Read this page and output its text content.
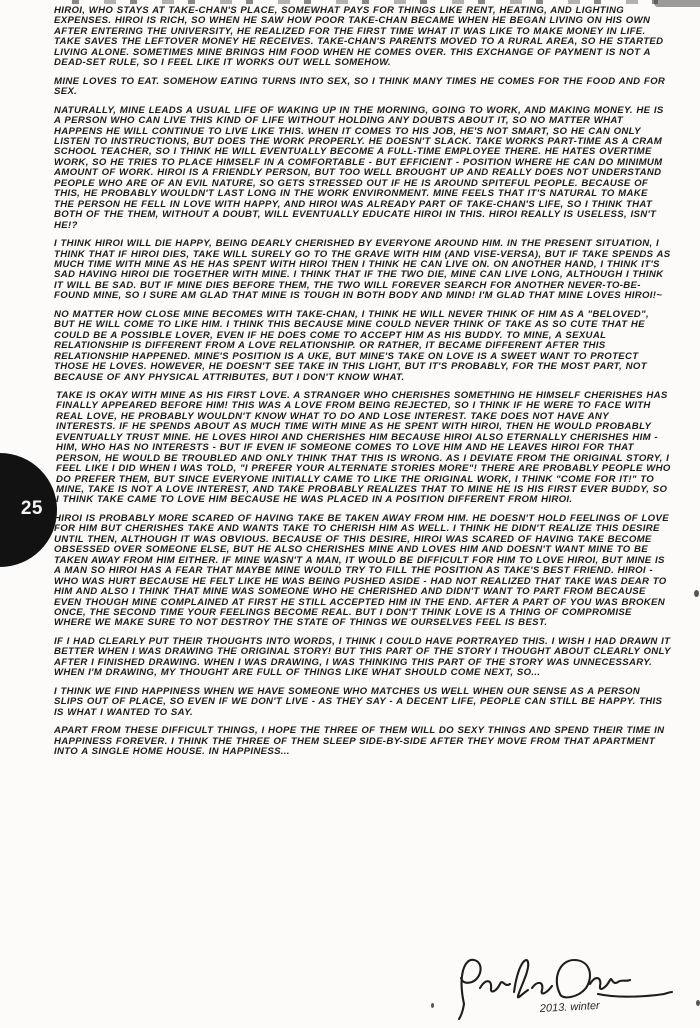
25

HIROI, WHO STAYS AT TAKE-CHAN'S PLACE, SOMEWHAT PAYS FOR THINGS LIKE RENT, HEATING, AND LIGHTING EXPENSES. HIROI IS RICH, SO WHEN HE SAW HOW POOR TAKE-CHAN BECAME WHEN HE BEGAN LIVING ON HIS OWN AFTER ENTERING THE UNIVERSITY, HE REALIZED FOR THE FIRST TIME WHAT IT WAS LIKE TO MAKE MONEY IN LIFE. TAKE SAVES THE LEFTOVER MONEY HE RECEIVES. TAKE-CHAN'S PARENTS MOVED TO A RURAL AREA, SO HE STARTED LIVING ALONE. SOMETIMES MINE BRINGS HIM FOOD WHEN HE COMES OVER. THIS EXCHANGE OF PAYMENT IS NOT A DEAD-SET RULE, SO I FEEL LIKE IT WORKS OUT WELL SOMEHOW.

MINE LOVES TO EAT. SOMEHOW EATING TURNS INTO SEX, SO I THINK MANY TIMES HE COMES FOR THE FOOD AND FOR SEX.

NATURALLY, MINE LEADS A USUAL LIFE OF WAKING UP IN THE MORNING, GOING TO WORK, AND MAKING MONEY. HE IS A PERSON WHO CAN LIVE THIS KIND OF LIFE WITHOUT HOLDING ANY DOUBTS ABOUT IT, SO NO MATTER WHAT HAPPENS HE WILL CONTINUE TO LIVE LIKE THIS. WHEN IT COMES TO HIS JOB, HE'S NOT SMART, SO HE CAN ONLY LISTEN TO INSTRUCTIONS, BUT DOES THE WORK PROPERLY. HE DOESN'T SLACK. TAKE WORKS PART-TIME AS A CRAM SCHOOL TEACHER, SO I THINK HE WILL EVENTUALLY BECOME A FULL-TIME EMPLOYEE THERE. HE HATES OVERTIME WORK, SO HE TRIES TO PLACE HIMSELF IN A COMFORTABLE - BUT EFFICIENT - POSITION WHERE HE CAN DO MINIMUM AMOUNT OF WORK. HIROI IS A FRIENDLY PERSON, BUT TOO WELL BROUGHT UP AND REALLY DOES NOT UNDERSTAND PEOPLE WHO ARE OF AN EVIL NATURE, SO GETS STRESSED OUT IF HE IS AROUND SPITEFUL PEOPLE. BECAUSE OF THIS, HE PROBABLY WOULDN'T LAST LONG IN THE WORK ENVIRONMENT. MINE FEELS THAT IT'S NATURAL TO MAKE THE PERSON HE FELL IN LOVE WITH HAPPY, AND HIROI WAS ALREADY PART OF TAKE-CHAN'S LIFE, SO I THINK THAT BOTH OF THE THEM, WITHOUT A DOUBT, WILL EVENTUALLY EDUCATE HIROI IN THIS. HIROI REALLY IS USELESS, ISN'T HE!?

I THINK HIROI WILL DIE HAPPY, BEING DEARLY CHERISHED BY EVERYONE AROUND HIM. IN THE PRESENT SITUATION, I THINK THAT IF HIROI DIES, TAKE WILL SURELY GO TO THE GRAVE WITH HIM (AND VISE-VERSA), BUT IF TAKE SPENDS AS MUCH TIME WITH MINE AS HE HAS SPENT WITH HIROI THEN I THINK HE CAN LIVE ON. ON ANOTHER HAND, I THINK IT'S SAD HAVING HIROI DIE TOGETHER WITH MINE. I THINK THAT IF THE TWO DIE, MINE CAN LIVE LONG, ALTHOUGH I THINK IT WILL BE SAD. BUT IF MINE DIES BEFORE THEM, THE TWO WILL FOREVER SEARCH FOR ANOTHER NEVER-TO-BE-FOUND MINE, SO I SURE AM GLAD THAT MINE IS TOUGH IN BOTH BODY AND MIND! I'M GLAD THAT MINE LOVES HIROI!~

NO MATTER HOW CLOSE MINE BECOMES WITH TAKE-CHAN, I THINK HE WILL NEVER THINK OF HIM AS A "BELOVED", BUT HE WILL COME TO LIKE HIM. I THINK THIS BECAUSE MINE COULD NEVER THINK OF TAKE AS SO CUTE THAT HE COULD BE A POSSIBLE LOVER, EVEN IF HE DOES COME TO ACCEPT HIM AS HIS BUDDY. TO MINE, A SEXUAL RELATIONSHIP IS DIFFERENT FROM A LOVE RELATIONSHIP. OR RATHER, IT BECAME DIFFERENT AFTER THIS RELATIONSHIP HAPPENED. MINE'S POSITION IS A UKE, BUT MINE'S TAKE ON LOVE IS A SWEET WANT TO PROTECT THOSE HE LOVES. HOWEVER, HE DOESN'T SEE TAKE IN THIS LIGHT, BUT IT'S PROBABLY, FOR THE MOST PART, NOT BECAUSE OF ANY PHYSICAL ATTRIBUTES, BUT I DON'T KNOW WHAT.

TAKE IS OKAY WITH MINE AS HIS FIRST LOVE. A STRANGER WHO CHERISHES SOMETHING HE HIMSELF CHERISHES HAS FINALLY APPEARED BEFORE HIM! THIS WAS A LOVE FROM BEING REJECTED, SO I THINK IF HE WERE TO FACE WITH REAL LOVE, HE PROBABLY WOULDN'T KNOW WHAT TO DO AND LOSE INTEREST. TAKE DOES NOT HAVE ANY INTERESTS. IF HE SPENDS ABOUT AS MUCH TIME WITH MINE AS HE SPENT WITH HIROI, THEN HE WOULD PROBABLY EVENTUALLY TRUST MINE. HE LOVES HIROI AND CHERISHES HIM BECAUSE HIROI ALSO ETERNALLY CHERISHES HIM - HIM, WHO HAS NO INTERESTS - BUT IF EVEN IF SOMEONE COMES TO LOVE HIM AND HE LEAVES HIROI FOR THAT PERSON, HE WOULD BE TROUBLED AND ONLY THINK THAT THIS IS WRONG. AS I DEVIATE FROM THE ORIGINAL STORY, I FEEL LIKE I DID WHEN I WAS TOLD, "I PREFER YOUR ALTERNATE STORIES MORE"! THERE ARE PROBABLY PEOPLE WHO DO PREFER THEM, BUT SINCE EVERYONE INITIALLY CAME TO LIKE THE ORIGINAL WORK, I THINK "COME FOR IT!" TO MINE, TAKE IS NOT A LOVE INTEREST, AND TAKE PROBABLY REALIZES THAT TO MINE HE IS HIS FIRST EVER BUDDY, SO I THINK TAKE CAME TO LOVE HIM BECAUSE HE WAS PLACED IN A POSITION DIFFERENT FROM HIROI.

HIROI IS PROBABLY MORE SCARED OF HAVING TAKE BE TAKEN AWAY FROM HIM. HE DOESN'T HOLD FEELINGS OF LOVE FOR HIM BUT CHERISHES TAKE AND WANTS TAKE TO CHERISH HIM AS WELL. I THINK HE DIDN'T REALIZE THIS DESIRE UNTIL THEN, ALTHOUGH IT WAS OBVIOUS. BECAUSE OF THIS DESIRE, HIROI WAS SCARED OF HAVING TAKE BECOME OBSESSED OVER SOMEONE ELSE, BUT HE ALSO CHERISHES MINE AND LOVES HIM AND DOESN'T WANT MINE TO BE TAKEN AWAY FROM HIM EITHER. IF MINE WASN'T A MAN, IT WOULD BE DIFFICULT FOR HIM TO LOVE HIROI, BUT MINE IS A MAN SO HIROI HAS A FEAR THAT MAYBE MINE WOULD TRY TO FILL THE POSITION AS TAKE'S BEST FRIEND. HIROI - WHO WAS HURT BECAUSE HE FELT LIKE HE WAS BEING PUSHED ASIDE - HAD NOT REALIZED THAT TAKE WAS DEAR TO HIM AND ALSO I THINK THAT MINE WAS SOMEONE WHO HE CHERISHED AND DIDN'T WANT TO PART FROM BECAUSE EVEN THOUGH MINE COMPLAINED AT FIRST HE STILL ACCEPTED HIM IN THE END. AFTER A PART OF YOU WAS BROKEN ONCE, THE SECOND TIME YOUR FEELINGS BECOME REAL. BUT I DON'T THINK LOVE IS A THING OF COMPROMISE WHERE WE MAKE SURE TO NOT DESTROY THE STATE OF THINGS WE OURSELVES FEEL IS BEST.

IF I HAD CLEARLY PUT THEIR THOUGHTS INTO WORDS, I THINK I COULD HAVE PORTRAYED THIS. I WISH I HAD DRAWN IT BETTER WHEN I WAS DRAWING THE ORIGINAL STORY! BUT THIS PART OF THE STORY I THOUGHT ABOUT CLEARLY ONLY AFTER I FINISHED DRAWING. WHEN I WAS DRAWING, I WAS THINKING THIS PART OF THE STORY WAS UNNECESSARY. WHEN I'M DRAWING, MY THOUGHT ARE FULL OF THINGS LIKE WHAT SHOULD COME NEXT, SO...

I THINK WE FIND HAPPINESS WHEN WE HAVE SOMEONE WHO MATCHES US WELL WHEN OUR SENSE AS A PERSON SLIPS OUT OF PLACE, SO EVEN IF WE DON'T LIVE - AS THEY SAY - A DECENT LIFE, PEOPLE CAN STILL BE HAPPY. THIS IS WHAT I WANTED TO SAY.

APART FROM THESE DIFFICULT THINGS, I HOPE THE THREE OF THEM WILL DO SEXY THINGS AND SPEND THEIR TIME IN HAPPINESS FOREVER. I THINK THE THREE OF THEM SLEEP SIDE-BY-SIDE AFTER THEY MOVE FROM THAT APARTMENT INTO A SINGLE HOME HOUSE. IN HAPPINESS...

2013. winter
